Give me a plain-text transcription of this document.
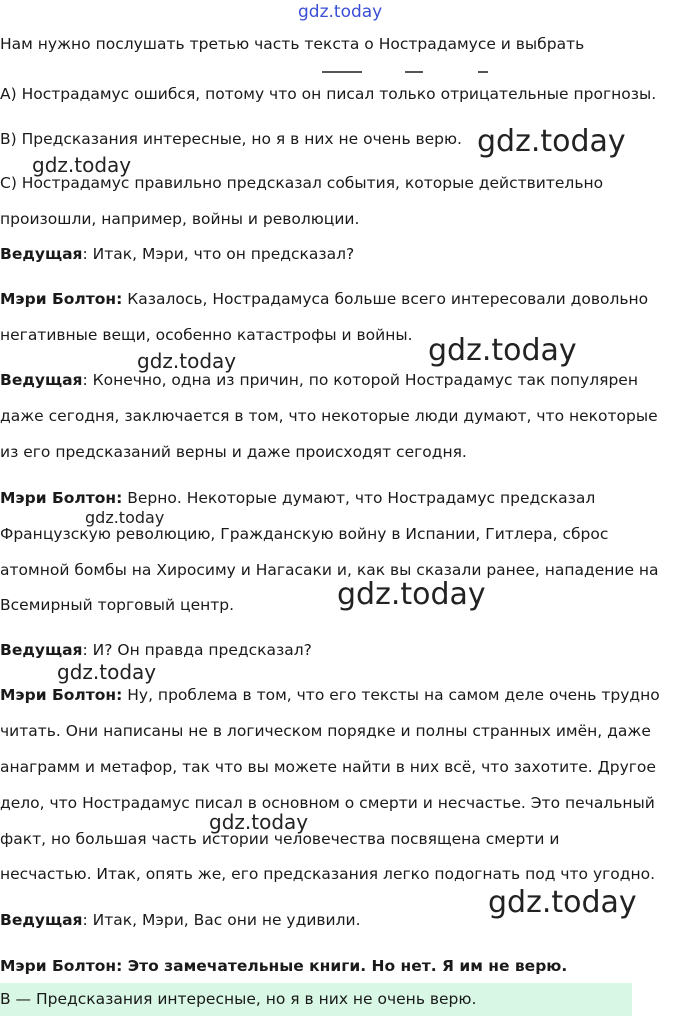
gdz.today
Нам нужно послушать третью часть текста о Нострадамусе и выбрать
A) Нострадамус ошибся, потому что он писал только отрицательные прогнозы.
B) Предсказания интересные, но я в них не очень верю.
C) Нострадамус правильно предсказал события, которые действительно
произошли, например, войны и революции.
Ведущая: Итак, Мэри, что он предсказал?
Мэри Болтон: Казалось, Нострадамуса больше всего интересовали довольно
негативные вещи, особенно катастрофы и войны.
Ведущая: Конечно, одна из причин, по которой Нострадамус так популярен
даже сегодня, заключается в том, что некоторые люди думают, что некоторые
из его предсказаний верны и даже происходят сегодня.
Мэри Болтон: Верно. Некоторые думают, что Нострадамус предсказал
Французскую революцию, Гражданскую войну в Испании, Гитлера, сброс
атомной бомбы на Хиросиму и Нагасаки и, как вы сказали ранее, нападение на
Всемирный торговый центр.
Ведущая: И? Он правда предсказал?
Мэри Болтон: Ну, проблема в том, что его тексты на самом деле очень трудно
читать. Они написаны не в логическом порядке и полны странных имён, даже
анаграмм и метафор, так что вы можете найти в них всё, что захотите. Другое
дело, что Нострадамус писал в основном о смерти и несчастье. Это печальный
факт, но большая часть истории человечества посвящена смерти и
несчастью. Итак, опять же, его предсказания легко подогнать под что угодно.
Ведущая: Итак, Мэри, Вас они не удивили.
Мэри Болтон: Это замечательные книги. Но нет. Я им не верю.
B — Предсказания интересные, но я в них не очень верю.
gdz.today
gdz.today
gdz.today
gdz.today
gdz.today
gdz.today
gdz.today
gdz.today
gdz.today
